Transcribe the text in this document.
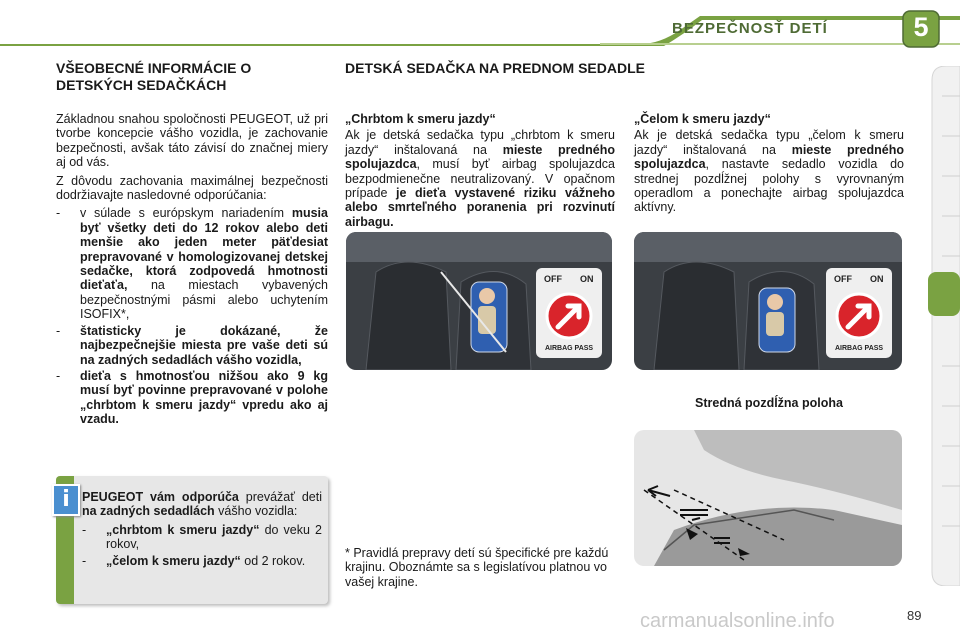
BEZPEČNOSŤ DETÍ	5
VŠEOBECNÉ INFORMÁCIE O
DETSKÝCH SEDAČKÁCH

Základnou snahou spoločnosti PEUGEOT, už pri tvorbe koncepcie vášho vozidla, je zachovanie bezpečnosti, avšak táto závisí do značnej miery aj od vás.

Z dôvodu zachovania maximálnej bezpečnosti dodržiavajte nasledovné odporúčania:

-	v súlade s európskym nariadením musia byť všetky deti do 12 rokov alebo deti menšie ako jeden meter päťdesiat prepravované v homologizovanej detskej sedačke, ktorá zodpovedá hmotnosti dieťaťa, na miestach vybavených bezpečnostnými pásmi alebo uchytením ISOFIX*,
-	štatisticky je dokázané, že najbezpečnejšie miesta pre vaše deti sú na zadných sedadlách vášho vozidla,
-	dieťa s hmotnosťou nižšou ako 9 kg musí byť povinne prepravované v polohe „chrbtom k smeru jazdy“ vpredu ako aj vzadu.
i PEUGEOT vám odporúča prevážať deti na zadných sedadlách vášho vozidla:

-	„chrbtom k smeru jazdy“ do veku 2 rokov,
-	„čelom k smeru jazdy“ od 2 rokov.
DETSKÁ SEDAČKA NA PREDNOM SEDADLE
„Chrbtom k smeru jazdy“

Ak je detská sedačka typu „chrbtom k smeru jazdy“ inštalovaná na mieste predného spolujazdca, musí byť airbag spolujazdca bezpodmienečne neutralizovaný. V opačnom prípade je dieťa vystavené riziku vážneho alebo smrteľného poranenia pri rozvinutí airbagu.

„Čelom k smeru jazdy“

Ak je detská sedačka typu „čelom k smeru jazdy“ inštalovaná na mieste predného spolujazdca, nastavte sedadlo vozidla do strednej pozdĺžnej polohy s vyrovnaným operadlom a ponechajte airbag spolujazdca aktívny.

OFF ON
AIRBAG PASS
OFF ON
AIRBAG PASS
Stredná pozdĺžna poloha
* Pravidlá prepravy detí sú špecifické pre každú krajinu. Oboznámte sa s legislatívou platnou vo vašej krajine.
89
carmanualsonline.info
